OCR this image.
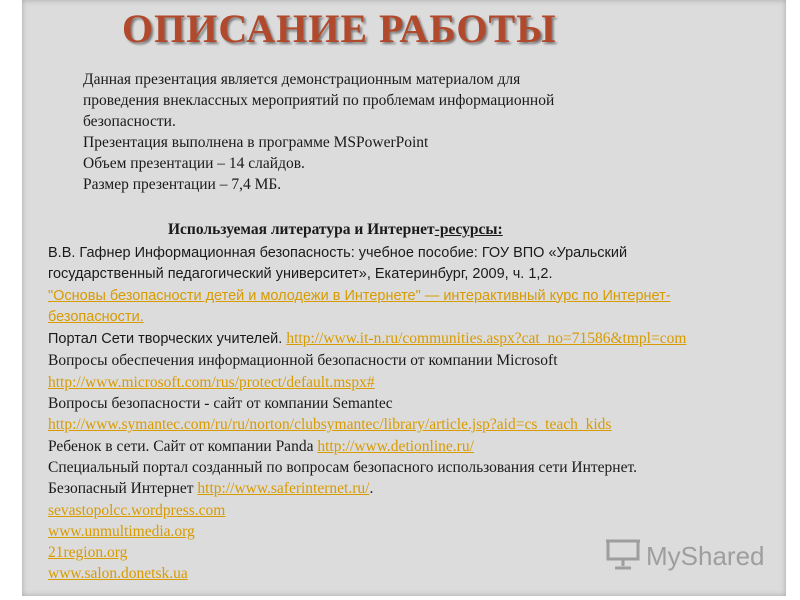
ОПИСАНИЕ РАБОТЫ
Данная презентация является демонстрационным материалом для
проведения внеклассных мероприятий по проблемам информационной
безопасности.
Презентация выполнена в программе MSPowerPoint
Объем презентации – 14 слайдов.
Размер презентации – 7,4 МБ.
Используемая литература и Интернет-ресурсы:
В.В. Гафнер Информационная безопасность: учебное пособие: ГОУ ВПО «Уральский
государственный педагогический университет», Екатеринбург, 2009, ч. 1,2.
"Основы безопасности детей и молодежи в Интернете" — интерактивный курс по Интернет-
безопасности.
Портал Сети творческих учителей. http://www.it-n.ru/communities.aspx?cat_no=71586&tmpl=com
Вопросы обеспечения информационной безопасности от компании Microsoft
http://www.microsoft.com/rus/protect/default.mspx#
Вопросы безопасности - сайт от компании Semantec
http://www.symantec.com/ru/ru/norton/clubsymantec/library/article.jsp?aid=cs_teach_kids
Ребенок в сети. Сайт от компании Panda http://www.detionline.ru/
Специальный портал созданный по вопросам безопасного использования сети Интернет.
Безопасный Интернет http://www.saferinternet.ru/.
sevastopolcc.wordpress.com
www.unmultimedia.org
21region.org
www.salon.donetsk.ua
MyShared
